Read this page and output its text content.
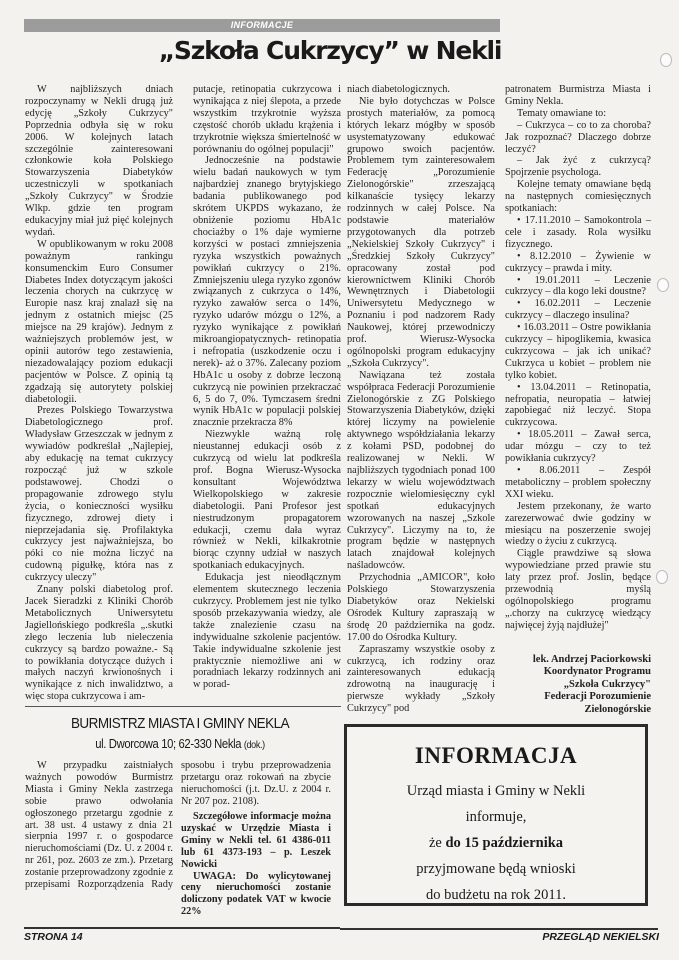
INFORMACJE
„Szkoła Cukrzycy” w Nekli

W najbliższych dniach rozpoczynamy w Nekli drugą już edycję „Szkoły Cukrzycy" Poprzednia odbyła się w roku 2006. W kolejnych latach szczególnie zainteresowani członkowie koła Polskiego Stowarzyszenia Diabetyków uczestniczyli w spotkaniach „Szkoły Cukrzycy" w Środzie Wlkp. gdzie ten program edukacyjny miał już pięć kolejnych wydań.

W opublikowanym w roku 2008 poważnym rankingu konsumenckim Euro Consumer Diabetes Index dotyczącym jakości leczenia chorych na cukrzycę w Europie nasz kraj znalazł się na jednym z ostatnich miejsc (25 miejsce na 29 krajów). Jednym z ważniejszych problemów jest, w opinii autorów tego zestawienia, niezadowalający poziom edukacji pacjentów w Polsce. Z opinią tą zgadzają się autorytety polskiej diabetologii.

Prezes Polskiego Towarzystwa Diabetologicznego prof. Władysław Grzeszczak w jednym z wywiadów podkreślał „Najlepiej, aby edukację na temat cukrzycy rozpocząć już w szkole podstawowej. Chodzi o propagowanie zdrowego stylu życia, o konieczności wysiłku fizycznego, zdrowej diety i nieprzejadania się. Profilaktyka cukrzycy jest najważniejsza, bo póki co nie można liczyć na cudowną pigułkę, która nas z cukrzycy uleczy"

Znany polski diabetolog prof. Jacek Sieradzki z Kliniki Chorób Metabolicznych Uniwersytetu Jagiellońskiego podkreśla „.skutki złego leczenia lub nieleczenia cukrzycy są bardzo poważne.- Są to powikłania dotyczące dużych i małych naczyń krwionośnych i wynikające z nich inwalidztwo, a więc stopa cukrzycowa i am-

putacje, retinopatia cukrzycowa i wynikająca z niej ślepota, a przede wszystkim trzykrotnie wyższa częstość chorób układu krążenia i trzykrotnie większa śmiertelność w porównaniu do ogólnej populacji"

Jednocześnie na podstawie wielu badań naukowych w tym najbardziej znanego brytyjskiego badania publikowanego pod skrótem UKPDS wykazano, że obniżenie poziomu HbA1c chociażby o 1% daje wymierne korzyści w postaci zmniejszenia ryzyka wszystkich poważnych powikłań cukrzycy o 21%. Zmniejszeniu ulega ryzyko zgonów związanych z cukrzyca o 14%, ryzyko zawałów serca o 14%, ryzyko udarów mózgu o 12%, a ryzyko wynikające z powikłań mikroangiopatycznych- retinopatia i nefropatia (uszkodzenie oczu i nerek)- aż o 37%. Zalecany poziom HbA1c u osoby z dobrze leczoną cukrzycą nie powinien przekraczać 6, 5 do 7, 0%. Tymczasem średni wynik HbA1c w populacji polskiej znacznie przekracza 8%

Niezwykle ważną rolę nieustannej edukacji osób z cukrzycą od wielu lat podkreśla prof. Bogna Wierusz-Wysocka konsultant Województwa Wielkopolskiego w zakresie diabetologii. Pani Profesor jest niestrudzonym propagatorem edukacji, czemu dała wyraz również w Nekli, kilkakrotnie biorąc czynny udział w naszych spotkaniach edukacyjnych.

Edukacja jest nieodłącznym elementem skutecznego leczenia cukrzycy. Problemem jest nie tylko sposób przekazywania wiedzy, ale także znalezienie czasu na indywidualne szkolenie pacjentów. Takie indywidualne szkolenie jest praktycznie niemożliwe ani w poradniach lekarzy rodzinnych ani w porad-

niach diabetologicznych.

Nie było dotychczas w Polsce prostych materiałów, za pomocą których lekarz mógłby w sposób usystematyzowany edukować grupowo swoich pacjentów. Problemem tym zainteresowałem Federację „Porozumienie Zielonogórskie" zrzeszającą kilkanaście tysięcy lekarzy rodzinnych w całej Polsce. Na podstawie materiałów przygotowanych dla potrzeb „Nekielskiej Szkoły Cukrzycy" i „Średzkiej Szkoły Cukrzycy" opracowany został pod kierownictwem Kliniki Chorób Wewnętrznych i Diabetologii Uniwersytetu Medycznego w Poznaniu i pod nadzorem Rady Naukowej, której przewodniczy prof. Wierusz-Wysocka ogólnopolski program edukacyjny „Szkoła Cukrzycy".

Nawiązana też została współpraca Federacji Porozumienie Zielonogórskie z ZG Polskiego Stowarzyszenia Diabetyków, dzięki której liczymy na powielenie aktywnego współdziałania lekarzy z kołami PSD, podobnej do realizowanej w Nekli. W najbliższych tygodniach ponad 100 lekarzy w wielu województwach rozpocznie wielomiesięczny cykl spotkań edukacyjnych wzorowanych na naszej „Szkole Cukrzycy". Liczymy na to, że program będzie w następnych latach znajdował kolejnych naśladowców.

Przychodnia „AMICOR", koło Polskiego Stowarzyszenia Diabetyków oraz Nekielski Ośrodek Kultury zapraszają w środę 20 października na godz. 17.00 do Ośrodka Kultury.

Zapraszamy wszystkie osoby z cukrzycą, ich rodziny oraz zainteresowanych edukacją zdrowotną na inaugurację i pierwsze wykłady „Szkoły Cukrzycy" pod

patronatem Burmistrza Miasta i Gminy Nekla.

Tematy omawiane to:

– Cukrzyca – co to za choroba? Jak rozpoznać? Dlaczego dobrze leczyć?

– Jak żyć z cukrzycą? Spojrzenie psychologa.

Kolejne tematy omawiane będą na następnych comiesięcznych spotkaniach:

• 17.11.2010 – Samokontrola – cele i zasady. Rola wysiłku fizycznego.

• 8.12.2010 – Żywienie w cukrzycy – prawda i mity.

• 19.01.2011 – Leczenie cukrzycy – dla kogo leki doustne?

• 16.02.2011 – Leczenie cukrzycy – dlaczego insulina?

• 16.03.2011 – Ostre powikłania cukrzycy – hipoglikemia, kwasica cukrzycowa – jak ich unikać? Cukrzyca u kobiet – problem nie tylko kobiet.

• 13.04.2011 – Retinopatia, nefropatia, neuropatia – łatwiej zapobiegać niż leczyć. Stopa cukrzycowa.

• 18.05.2011 – Zawał serca, udar mózgu – czy to też powikłania cukrzycy?

• 8.06.2011 – Zespół metaboliczny – problem społeczny XXI wieku.

Jestem przekonany, że warto zarezerwować dwie godziny w miesiącu na poszerzenie swojej wiedzy o życiu z cukrzycą.

Ciągle prawdziwe są słowa wypowiedziane przed prawie stu laty przez prof. Joslin, będące przewodnią myślą ogólnopolskiego programu „.chorzy na cukrzycę wiedzący najwięcej żyją najdłużej"

lek. Andrzej Paciorkowski
Koordynator Programu
„Szkoła Cukrzycy"
Federacji Porozumienie
Zielonogórskie
BURMISTRZ MIASTA I GMINY NEKLA
ul. Dworcowa 10; 62-330 Nekla (dok.)

W przypadku zaistniałych ważnych powodów Burmistrz Miasta i Gminy Nekla zastrzega sobie prawo odwołania ogłoszonego przetargu zgodnie z art. 38 ust. 4 ustawy z dnia 21 sierpnia 1997 r. o gospodarce nieruchomościami (Dz. U. z 2004 r. nr 261, poz. 2603 ze zm.). Przetarg zostanie przeprowadzony zgodnie z przepisami Rozporządzenia Rady

sposobu i trybu przeprowadzenia przetargu oraz rokowań na zbycie nieruchomości (j.t. Dz.U. z 2004 r. Nr 207 poz. 2108).

Szczegółowe informacje można uzyskać w Urzędzie Miasta i Gminy w Nekli tel. 61 4386-011 lub 61 4373-193 – p. Leszek Nowicki

UWAGA: Do wylicytowanej ceny nieruchomości zostanie doliczony podatek VAT w kwocie 22%

INFORMACJA
Urząd miasta i Gminy w Nekli
informuje,
że do 15 października
przyjmowane będą wnioski
do budżetu na rok 2011.
STRONA 14	PRZEGLĄD NEKIELSKI
